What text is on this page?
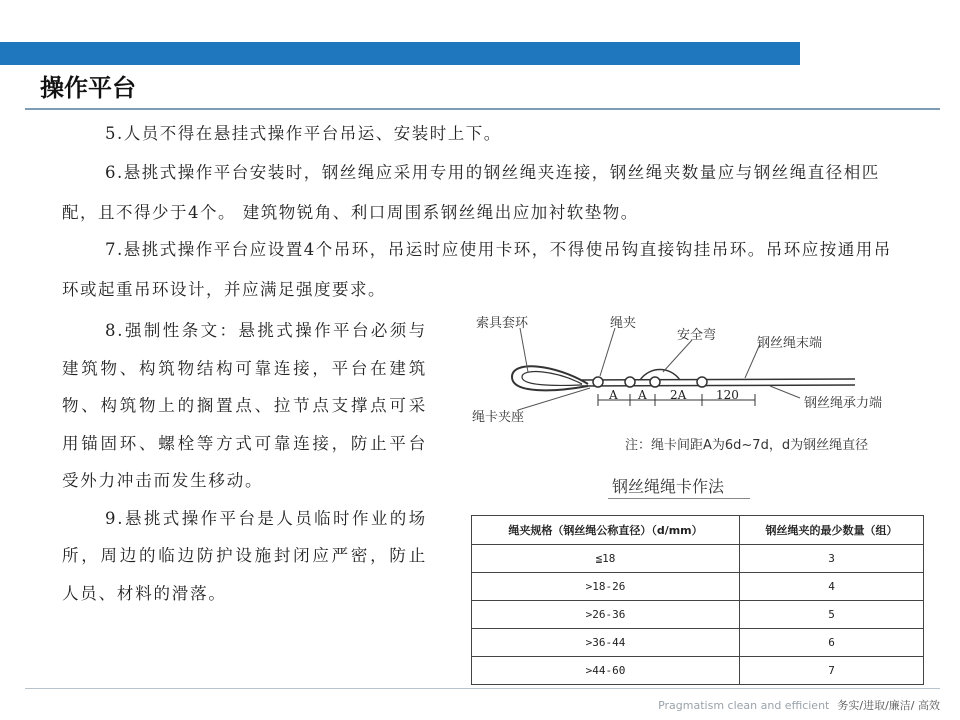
操作平台

5.人员不得在悬挂式操作平台吊运、安装时上下。

6.悬挑式操作平台安装时，钢丝绳应采用专用的钢丝绳夹连接，钢丝绳夹数量应与钢丝绳直径相匹配，且不得少于4个。 建筑物锐角、利口周围系钢丝绳出应加衬软垫物。

7.悬挑式操作平台应设置4个吊环，吊运时应使用卡环，不得使吊钩直接钩挂吊环。吊环应按通用吊环或起重吊环设计，并应满足强度要求。

8.强制性条文：悬挑式操作平台必须与建筑物、构筑物结构可靠连接，平台在建筑物、构筑物上的搁置点、拉节点支撑点可采用锚固环、螺栓等方式可靠连接，防止平台受外力冲击而发生移动。

9.悬挑式操作平台是人员临时作业的场所，周边的临边防护设施封闭应严密，防止人员、材料的滑落。

索具套环	绳夹
安全弯
钢丝绳末端
绳卡夹座
钢丝绳承力端
A A 2A 120
注：绳卡间距A为6d~7d，d为钢丝绳直径
钢丝绳绳卡作法
绳夹规格（钢丝绳公称直径）（d/mm）	钢丝绳夹的最少数量（组）
≦18	3
>18-26	4
>26-36	5
>36-44	6
>44-60	7
Pragmatism clean and efficient 务实/进取/廉洁/ 高效
